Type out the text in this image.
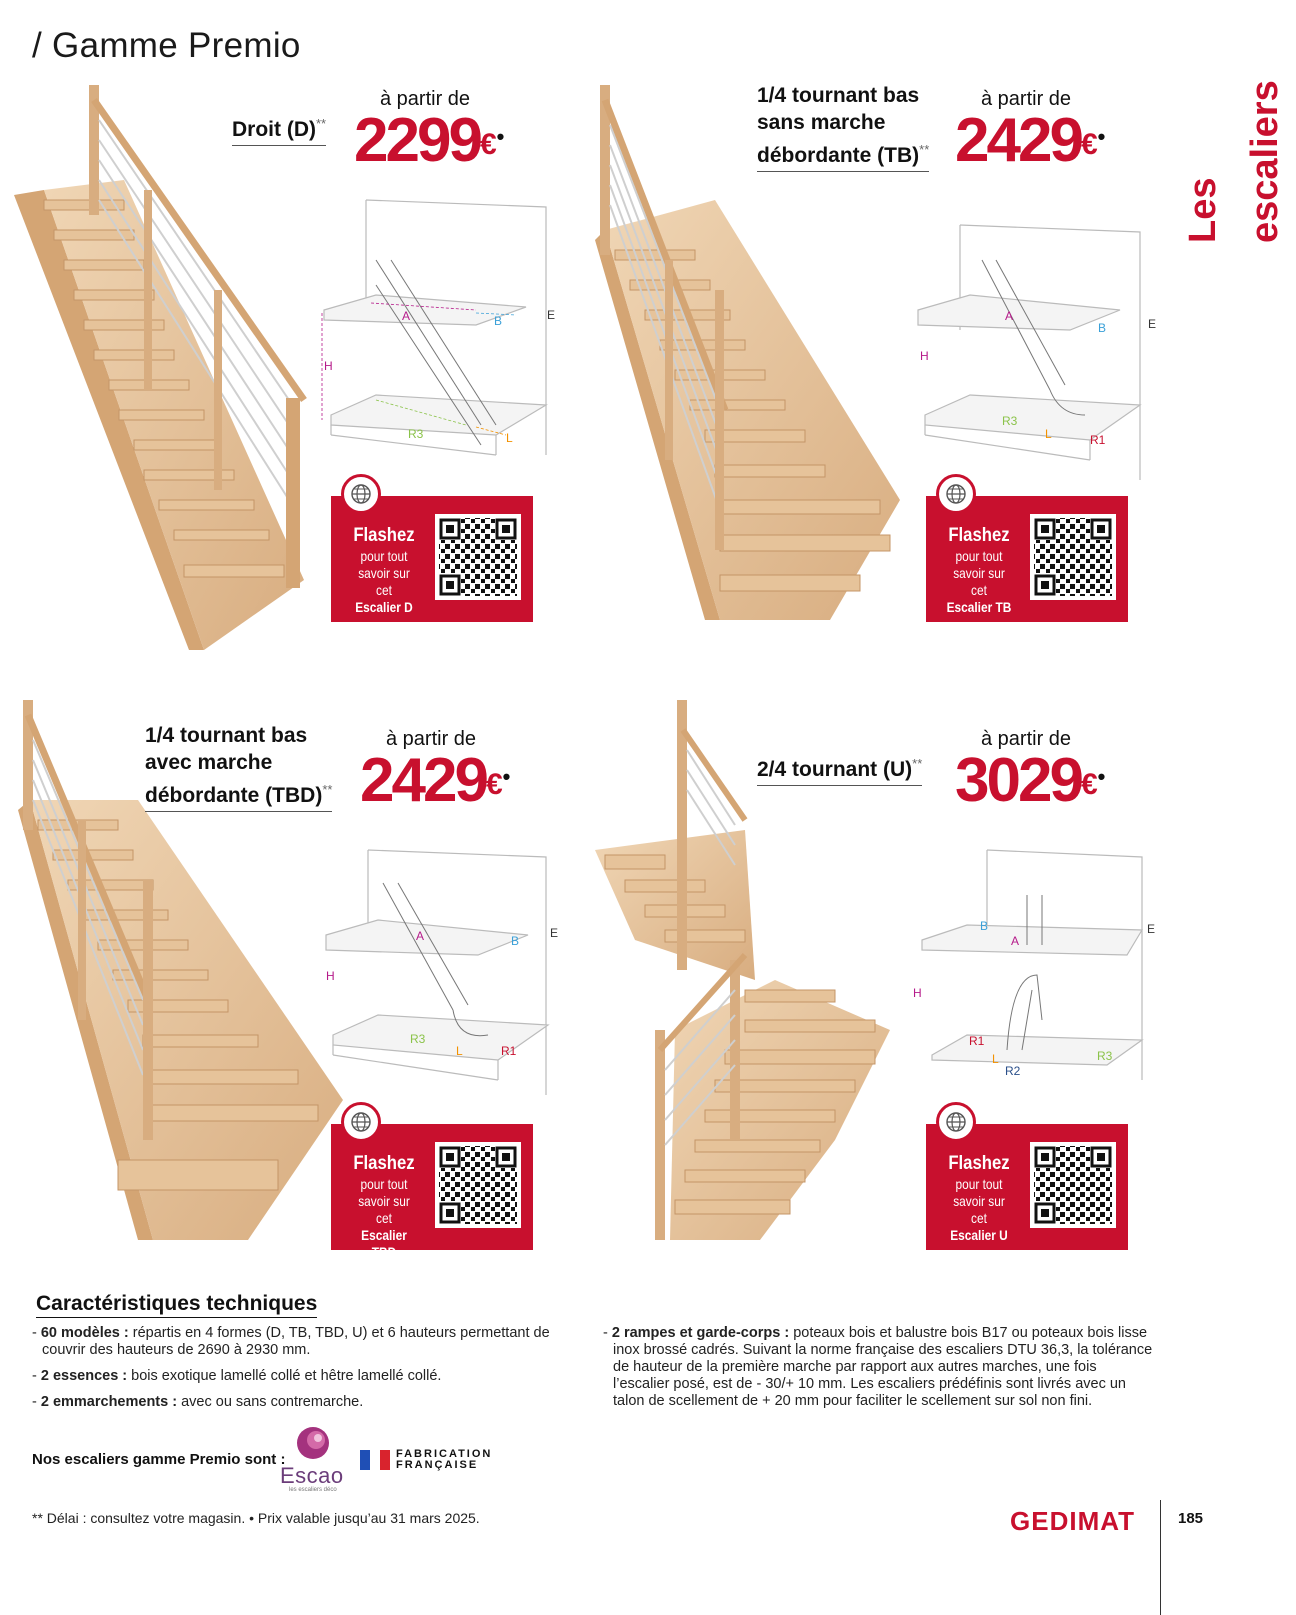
/ Gamme Premio
Les escaliers
Droit (D)**
à partir de
2299€•
A	B	E
H
R3	L
Flashez
pour tout
savoir sur cet
Escalier D
1/4 tournant bas
sans marche
débordante (TB)**
à partir de
2429€•
A
B	E
H
R3
L	R1
Flashez
pour tout
savoir sur cet
Escalier TB
1/4 tournant bas
avec marche
débordante (TBD)**
à partir de
2429€•
A	B
E
H
R3
L	R1
Flashez
pour tout
savoir sur cet
Escalier TBD
2/4 tournant (U)**
à partir de
3029€•
B
A
E
H
R1
L
R2
R3
Flashez
pour tout
savoir sur cet
Escalier U
Caractéristiques techniques

- 60 modèles : répartis en 4 formes (D, TB, TBD, U) et 6 hauteurs permettant de couvrir des hauteurs de 2690 à 2930 mm.

- 2 essences : bois exotique lamellé collé et hêtre lamellé collé.

- 2 emmarchements : avec ou sans contremarche.

- 2 rampes et garde-corps : poteaux bois et balustre bois B17 ou poteaux bois lisse inox brossé cadrés. Suivant la norme française des escaliers DTU 36,3, la tolérance de hauteur de la première marche par rapport aux autres marches, une fois l’escalier posé, est de - 30/+ 10 mm. Les escaliers prédéfinis sont livrés avec un talon de scellement de + 20 mm pour faciliter le scellement sur sol non fini.

Nos escaliers gamme Premio sont :
Escao
les escaliers déco
FABRICATION
FRANÇAISE
** Délai : consultez votre magasin. • Prix valable jusqu’au 31 mars 2025.	GEDIMAT	185
